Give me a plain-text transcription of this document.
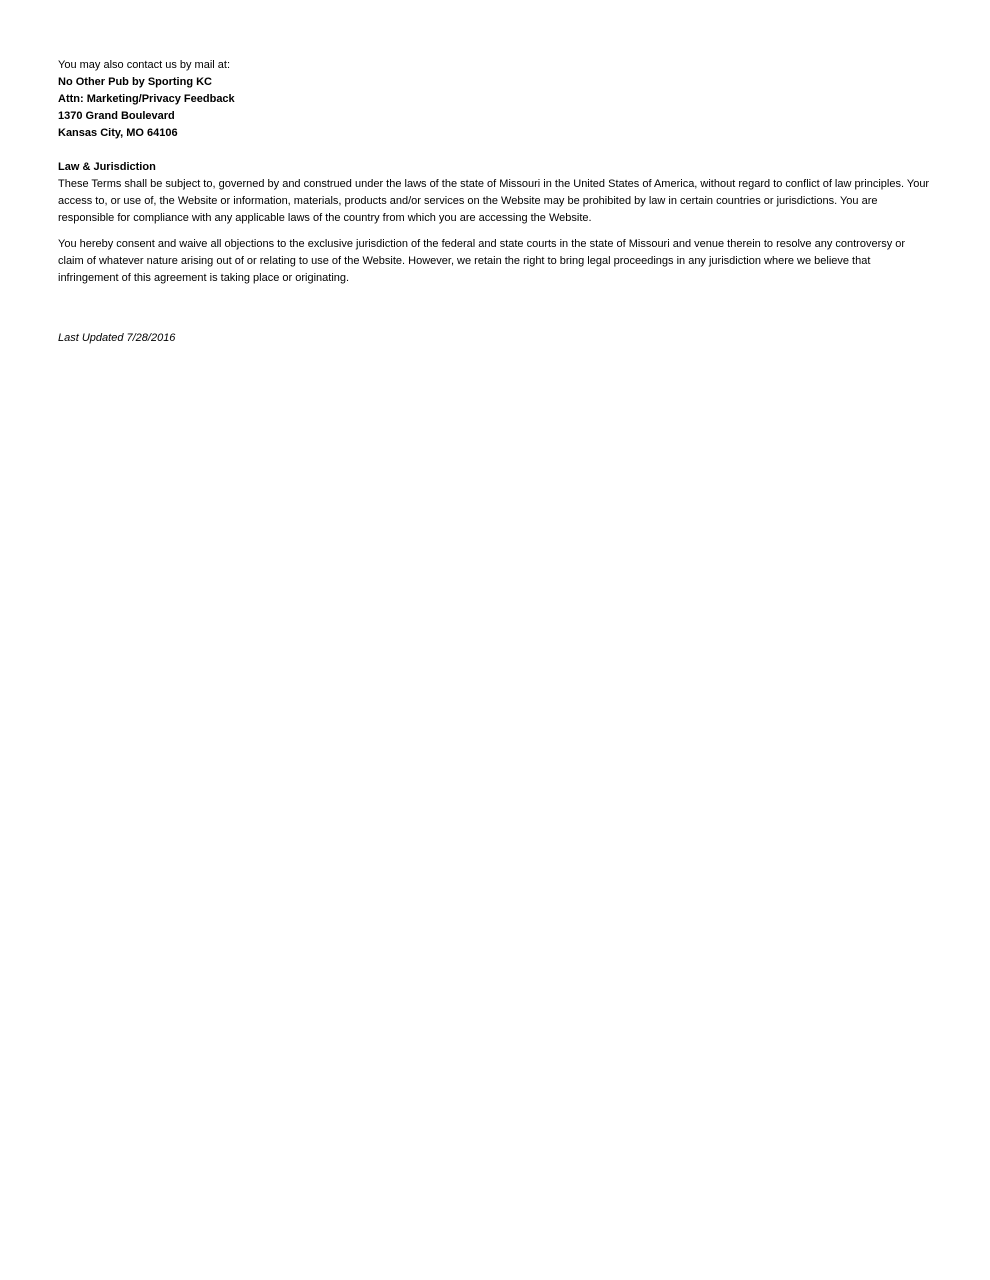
You may also contact us by mail at:
No Other Pub by Sporting KC
Attn: Marketing/Privacy Feedback
1370 Grand Boulevard
Kansas City, MO 64106
Law & Jurisdiction

These Terms shall be subject to, governed by and construed under the laws of the state of Missouri in the United States of America, without regard to conflict of law principles. Your access to, or use of, the Website or information, materials, products and/or services on the Website may be prohibited by law in certain countries or jurisdictions. You are responsible for compliance with any applicable laws of the country from which you are accessing the Website.

You hereby consent and waive all objections to the exclusive jurisdiction of the federal and state courts in the state of Missouri and venue therein to resolve any controversy or claim of whatever nature arising out of or relating to use of the Website. However, we retain the right to bring legal proceedings in any jurisdiction where we believe that infringement of this agreement is taking place or originating.

Last Updated 7/28/2016
